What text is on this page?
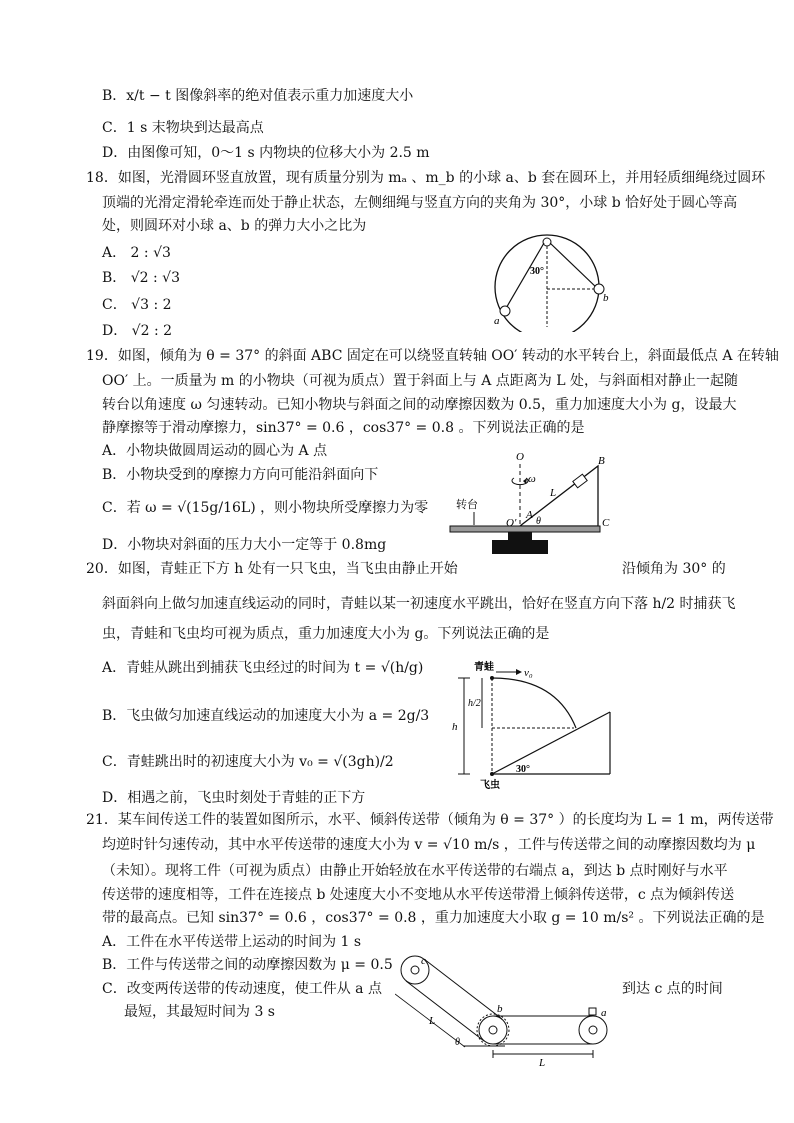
B．x/t − t 图像斜率的绝对值表示重力加速度大小
C．1 s 末物块到达最高点
D．由图像可知，0～1 s 内物块的位移大小为 2.5 m
18．如图，光滑圆环竖直放置，现有质量分别为 mₐ 、m_b 的小球 a、b 套在圆环上，并用轻质细绳绕过圆环
顶端的光滑定滑轮牵连而处于静止状态，左侧细绳与竖直方向的夹角为 30°，小球 b 恰好处于圆心等高
处，则圆环对小球 a、b 的弹力大小之比为
A． 2 : √3
B． √2 : √3
C． √3 : 2
D． √2 : 2
30°
a
b
19．如图，倾角为 θ = 37° 的斜面 ABC 固定在可以绕竖直转轴 OO′ 转动的水平转台上，斜面最低点 A 在转轴
OO′ 上。一质量为 m 的小物块（可视为质点）置于斜面上与 A 点距离为 L 处，与斜面相对静止一起随
转台以角速度 ω 匀速转动。已知小物块与斜面之间的动摩擦因数为 0.5，重力加速度大小为 g，设最大
静摩擦等于滑动摩擦力，sin37° = 0.6 ，cos37° = 0.8 。下列说法正确的是
A．小物块做圆周运动的圆心为 A 点
B．小物块受到的摩擦力方向可能沿斜面向下
C．若 ω = √(15g/16L) ，则小物块所受摩擦力为零
D．小物块对斜面的压力大小一定等于 0.8mg
O
ω
B
L
转台
A
O′ θ	C
20．如图，青蛙正下方 h 处有一只飞虫，当飞虫由静止开始	沿倾角为 30° 的
斜面斜向上做匀加速直线运动的同时，青蛙以某一初速度水平跳出，恰好在竖直方向下落 h/2 时捕获飞
虫，青蛙和飞虫均可视为质点，重力加速度大小为 g。下列说法正确的是
A．青蛙从跳出到捕获飞虫经过的时间为 t = √(h/g)
B．飞虫做匀加速直线运动的加速度大小为 a = 2g/3
C．青蛙跳出时的初速度大小为 v₀ = √(3gh)/2
D．相遇之前，飞虫时刻处于青蛙的正下方
青蛙	v₀
h
h/2
飞虫
30°
21．某车间传送工件的装置如图所示，水平、倾斜传送带（倾角为 θ = 37° ）的长度均为 L = 1 m，两传送带
均逆时针匀速传动，其中水平传送带的速度大小为 v = √10 m/s ，工件与传送带之间的动摩擦因数均为 μ
（未知）。现将工件（可视为质点）由静止开始轻放在水平传送带的右端点 a，到达 b 点时刚好与水平
传送带的速度相等，工件在连接点 b 处速度大小不变地从水平传送带滑上倾斜传送带，c 点为倾斜传送
带的最高点。已知 sin37° = 0.6 ，cos37° = 0.8 ，重力加速度大小取 g = 10 m/s² 。下列说法正确的是
A．工件在水平传送带上运动的时间为 1 s
B．工件与传送带之间的动摩擦因数为 μ = 0.5
C．改变两传送带的传动速度，使工件从 a 点	到达 c 点的时间
最短，其最短时间为 3 s
c
b	a
L
L
θ
